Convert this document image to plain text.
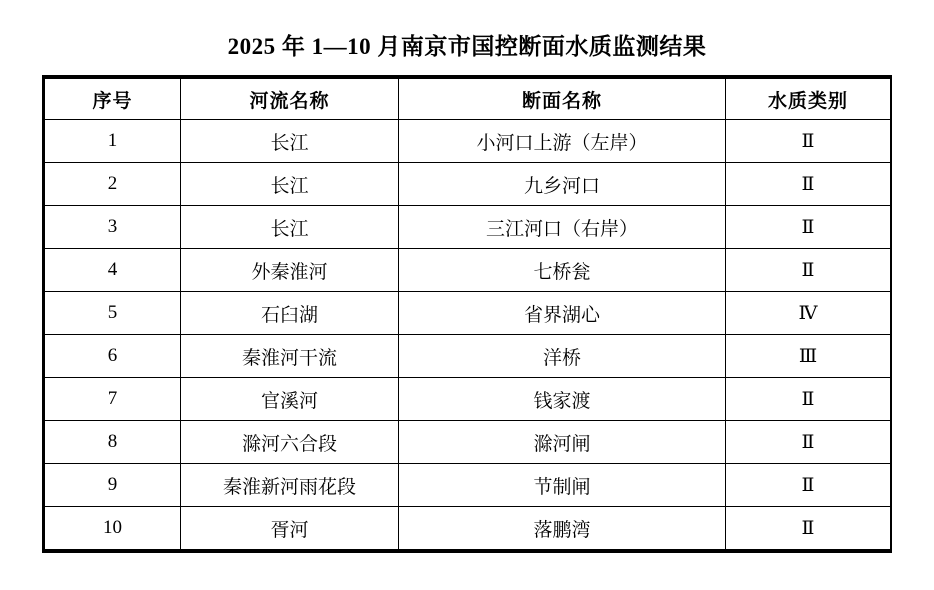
2025 年 1—10 月南京市国控断面水质监测结果
序号	河流名称	断面名称	水质类别
1	长江	小河口上游（左岸）	Ⅱ
2	长江	九乡河口	Ⅱ
3	长江	三江河口（右岸）	Ⅱ
4	外秦淮河	七桥瓮	Ⅱ
5	石臼湖	省界湖心	Ⅳ
6	秦淮河干流	洋桥	Ⅲ
7	官溪河	钱家渡	Ⅱ
8	滁河六合段	滁河闸	Ⅱ
9	秦淮新河雨花段	节制闸	Ⅱ
10	胥河	落鹏湾	Ⅱ
